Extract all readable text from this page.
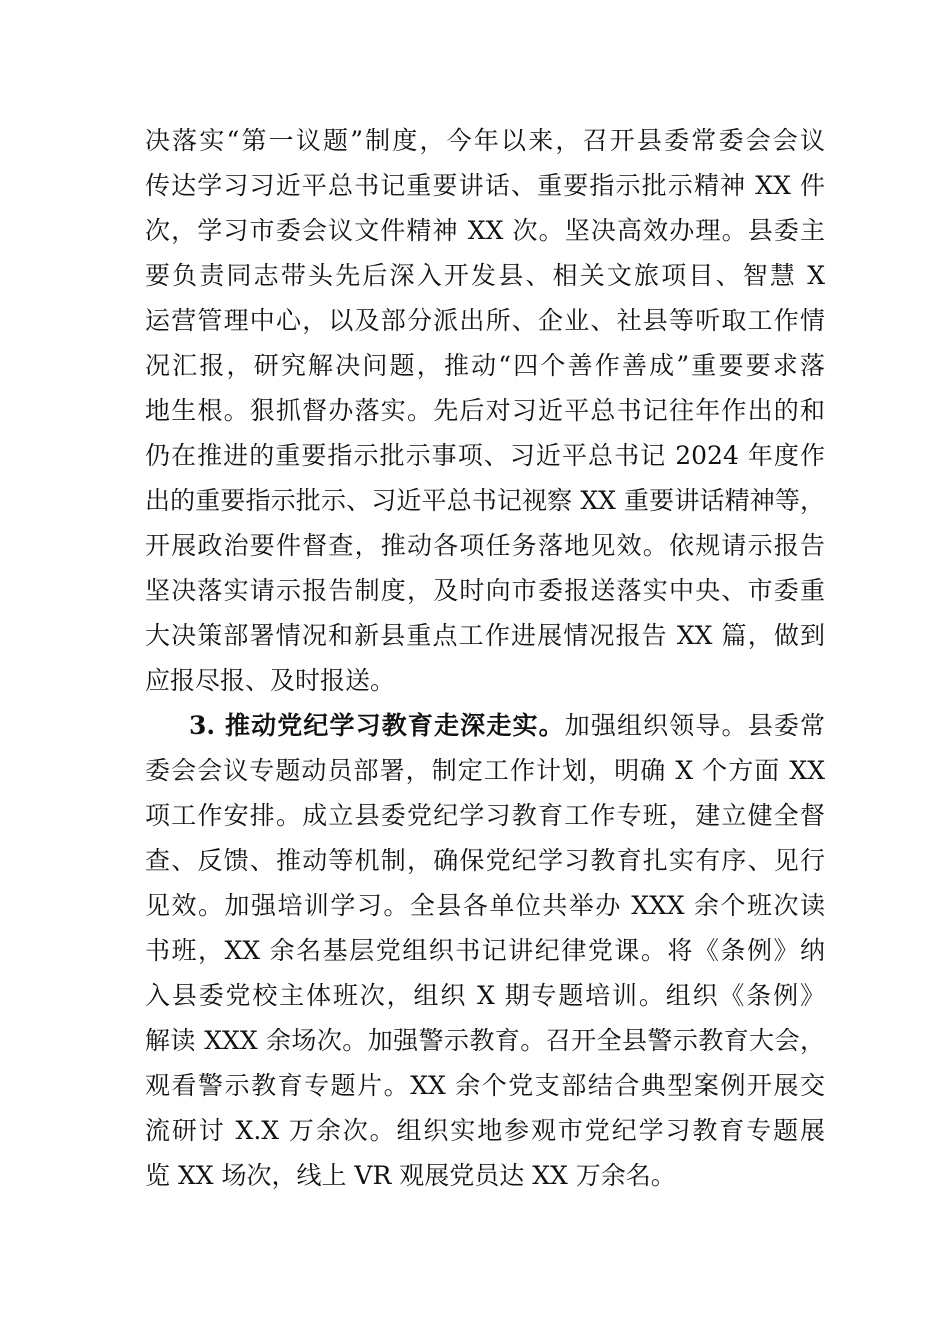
决落实“第一议题”制度，今年以来，召开县委常委会会议
传达学习习近平总书记重要讲话、重要指示批示精神 XX 件
次，学习市委会议文件精神 XX 次。坚决高效办理。县委主
要负责同志带头先后深入开发县、相关文旅项目、智慧 X
运营管理中心，以及部分派出所、企业、社县等听取工作情
况汇报，研究解决问题，推动“四个善作善成”重要要求落
地生根。狠抓督办落实。先后对习近平总书记往年作出的和
仍在推进的重要指示批示事项、习近平总书记 2024 年度作
出的重要指示批示、习近平总书记视察 XX 重要讲话精神等，
开展政治要件督查，推动各项任务落地见效。依规请示报告
坚决落实请示报告制度，及时向市委报送落实中央、市委重
大决策部署情况和新县重点工作进展情况报告 XX 篇，做到
应报尽报、及时报送。
3. 推动党纪学习教育走深走实。加强组织领导。县委常
委会会议专题动员部署，制定工作计划，明确 X 个方面 XX
项工作安排。成立县委党纪学习教育工作专班，建立健全督
查、反馈、推动等机制，确保党纪学习教育扎实有序、见行
见效。加强培训学习。全县各单位共举办 XXX 余个班次读
书班，XX 余名基层党组织书记讲纪律党课。将《条例》纳
入县委党校主体班次，组织 X 期专题培训。组织《条例》
解读 XXX 余场次。加强警示教育。召开全县警示教育大会，
观看警示教育专题片。XX 余个党支部结合典型案例开展交
流研讨 X.X 万余次。组织实地参观市党纪学习教育专题展
览 XX 场次，线上 VR 观展党员达 XX 万余名。
